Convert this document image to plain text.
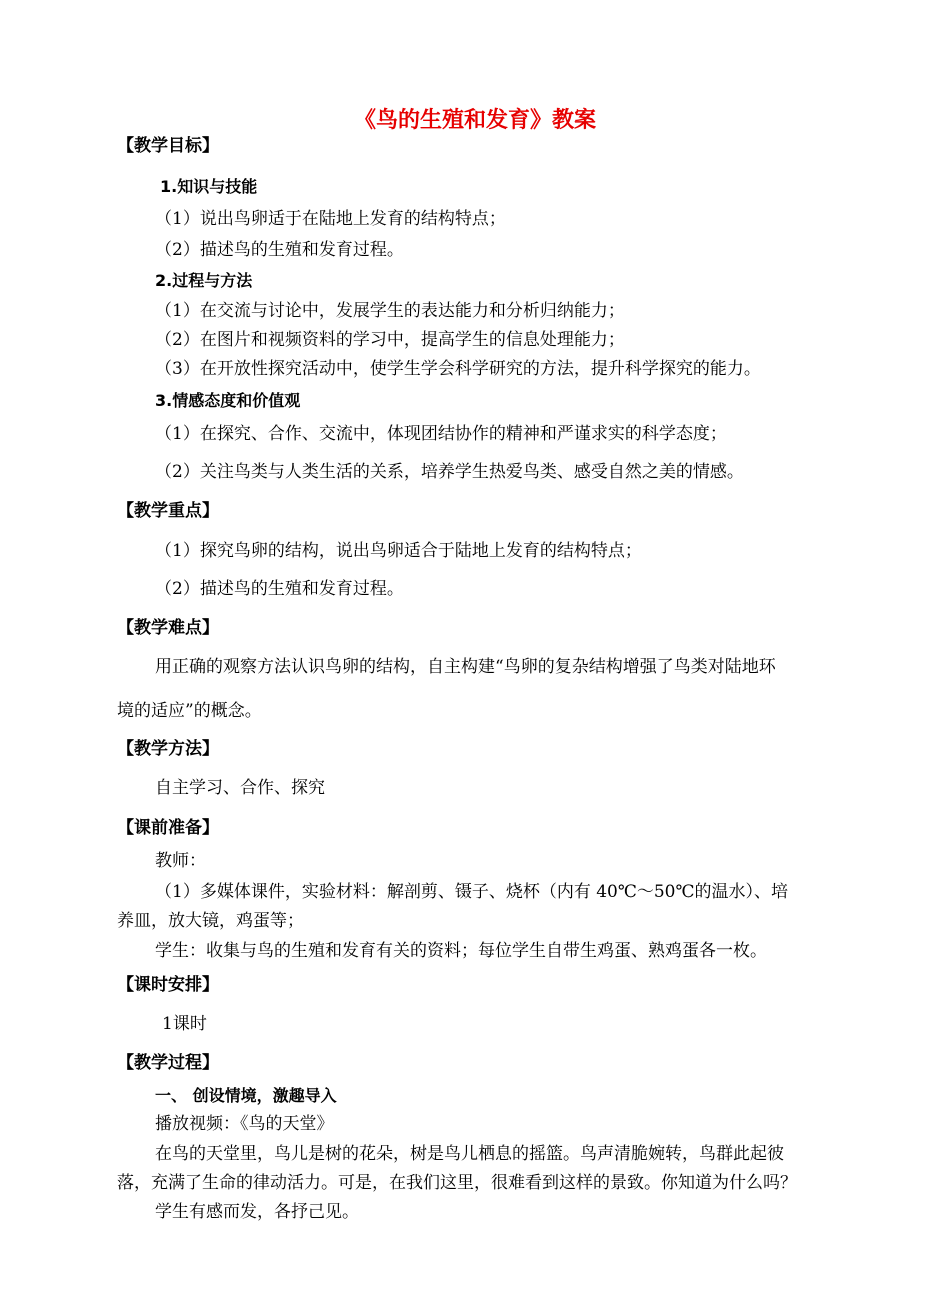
《鸟的生殖和发育》教案
【教学目标】
1.知识与技能
（1）说出鸟卵适于在陆地上发育的结构特点；
（2）描述鸟的生殖和发育过程。
2.过程与方法
（1）在交流与讨论中，发展学生的表达能力和分析归纳能力；
（2）在图片和视频资料的学习中，提高学生的信息处理能力；
（3）在开放性探究活动中，使学生学会科学研究的方法，提升科学探究的能力。
3.情感态度和价值观
（1）在探究、合作、交流中，体现团结协作的精神和严谨求实的科学态度；
（2）关注鸟类与人类生活的关系，培养学生热爱鸟类、感受自然之美的情感。
【教学重点】
（1）探究鸟卵的结构，说出鸟卵适合于陆地上发育的结构特点；
（2）描述鸟的生殖和发育过程。
【教学难点】
用正确的观察方法认识鸟卵的结构，自主构建“鸟卵的复杂结构增强了鸟类对陆地环
境的适应”的概念。
【教学方法】
自主学习、合作、探究
【课前准备】
教师：
（1）多媒体课件，实验材料：解剖剪、镊子、烧杯（内有 40℃～50℃的温水）、培
养皿，放大镜，鸡蛋等；
学生：收集与鸟的生殖和发育有关的资料；每位学生自带生鸡蛋、熟鸡蛋各一枚。
【课时安排】
1课时
【教学过程】
一、 创设情境，激趣导入
播放视频：《鸟的天堂》
在鸟的天堂里，鸟儿是树的花朵，树是鸟儿栖息的摇篮。鸟声清脆婉转，鸟群此起彼
落，充满了生命的律动活力。可是，在我们这里，很难看到这样的景致。你知道为什么吗？
学生有感而发，各抒己见。
